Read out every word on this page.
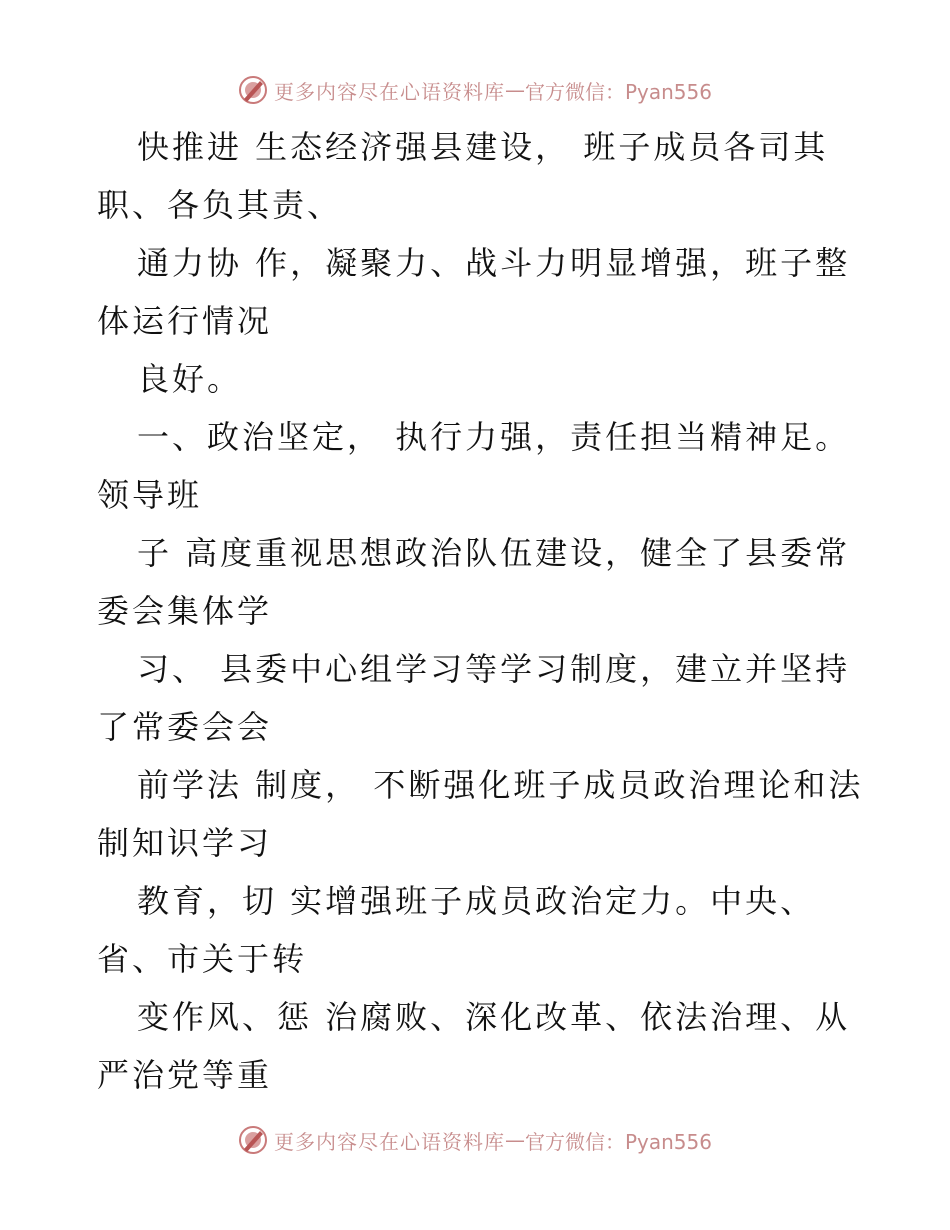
更多内容尽在心语资料库 — 官方微信：Pyan556
快推进 生态经济强县建设， 班子成员各司其
职、各负其责、
通力协 作，凝聚力、战斗力明显增强，班子整
体运行情况
良好。
一、政治坚定， 执行力强，责任担当精神足。
领导班
子 高度重视思想政治队伍建设，健全了县委常
委会集体学
习、 县委中心组学习等学习制度，建立并坚持
了常委会会
前学法 制度， 不断强化班子成员政治理论和法
制知识学习
教育，切 实增强班子成员政治定力。中央、
省、市关于转
变作风、惩 治腐败、深化改革、依法治理、从
严治党等重
更多内容尽在心语资料库 — 官方微信：Pyan556
